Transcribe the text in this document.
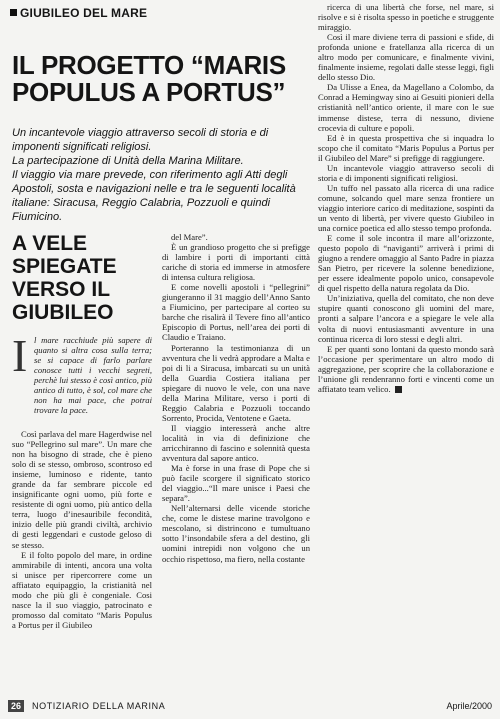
GIUBILEO DEL MARE
IL PROGETTO “MARIS POPULUS A PORTUS”

Un incantevole viaggio attraverso secoli di storia e di imponenti significati religiosi.

La partecipazione di Unità della Marina Militare.

Il viaggio via mare prevede, con riferimento agli Atti degli Apostoli, sosta e navigazioni nelle e tra le seguenti località italiane: Siracusa, Reggio Calabria, Pozzuoli e quindi Fiumicino.

A VELE SPIEGATE VERSO IL GIUBILEO
I l mare racchiude più sapere di quanto si altra cosa sulla terra; se si capace di farlo parlare conosce tutti i vecchi segreti, perchè lui stesso è così antico, più antico di tutto, è sol, col mare che non ha mai pace, che potrai trovare la pace.

Così parlava del mare Hagerdwise nel suo “Pellegrino sul mare”. Un mare che non ha bisogno di strade, che è pieno solo di se stesso, ombroso, scontroso ed insieme, luminoso e ridente, tanto grande da far sembrare piccole ed insignificante ogni uomo, più forte e resistente di ogni uomo, più antico della terra, luogo d’inesauribile fecondità, inizio delle più grandi civiltà, archivio di gesti leggendari e custode geloso di se stesso.

E il folto popolo del mare, in ordine ammirabile di intenti, ancora una volta si unisce per ripercorrere come un affiatato equipaggio, la cristianità nel modo che più gli è congeniale. Cosi nasce la il suo viaggio, patrocinato e promosso dal comitato “Maris Populus a Portus per il Giubileo

del Mare”.

È un grandioso progetto che si prefigge di lambire i porti di importanti città cariche di storia ed immerse in atmosfere di intensa cultura religiosa.

E come novelli apostoli i “pellegrini” giungeranno il 31 maggio dell’Anno Santo a Fiumicino, per partecipare al corteo su barche che risalirà il Tevere fino all’antico Episcopio di Portus, nell’area dei porti di Claudio e Traiano.

Porteranno la testimonianza di un avventura che li vedrà approdare a Malta e poi di li a Siracusa, imbarcati su un unità della Guardia Costiera italiana per spiegare di nuovo le vele, con una nave della Marina Militare, verso i porti di Reggio Calabria e Pozzuoli toccando Sorrento, Procida, Ventotene e Gaeta.

Il viaggio interesserà anche altre località in via di definizione che arricchiranno di fascino e solennità questa avventura dal sapore antico.

Ma è forse in una frase di Pope che si può facile scorgere il significato storico del viaggio...“Il mare unisce i Paesi che separa”.

Nell’alternarsi delle vicende storiche che, come le distese marine travolgono e mescolano, si distrincono e tumultuano sotto l’insondabile sfera a del destino, gli uomini intrepidi non volgono che un occhio rispettoso, ma fiero, nella costante

ricerca di una libertà che forse, nel mare, si risolve e si è risolta spesso in poetiche e struggente miraggio.

Così il mare diviene terra di passioni e sfide, di profonda unione e fratellanza alla ricerca di un altro modo per comunicare, e finalmente vivini, finalmente insieme, regolati dalle stesse leggi, figli dello stesso Dio.

Da Ulisse a Enea, da Magellano a Colombo, da Conrad a Hemingway sino ai Gesuiti pionieri della cristianità nell’antico oriente, il mare con le sue immense distese, terra di nessuno, diviene crocevia di culture e popoli.

Ed è in questa prospettiva che si inquadra lo scopo che il comitato “Maris Populus a Portus per il Giubileo del Mare” si prefigge di raggiungere.

Un incantevole viaggio attraverso secoli di storia e di imponenti significati religiosi.

Un tuffo nel passato alla ricerca di una radice comune, solcando quel mare senza frontiere un viaggio interiore carico di meditazione, sospinti da un vento di libertà, per vivere questo Giubileo in una cornice poetica ed allo stesso tempo profonda.

E come il sole incontra il mare all’orizzonte, questo popolo di “naviganti” arriverà i primi di giugno a rendere omaggio al Santo Padre in piazza San Pietro, per ricevere la solenne benedizione, per essere idealmente popolo unico, consapevole di quel rispetto della natura regolata da Dio.

Un’iniziativa, quella del comitato, che non deve stupire quanti conoscono gli uomini del mare, pronti a salpare l’ancora e a spiegare le vele alla volta di nuovi entusiasmanti avventure in una continua ricerca di loro stessi e degli altri.

E per quanti sono lontani da questo mondo sarà l’occasione per sperimentare un altro modo di aggregazione, per scoprire che la collaborazione e l’unione gli rendenranno forti e vincenti come un affiatato team velico.

26	NOTIZIARIO DELLA MARINA	Aprile/2000
